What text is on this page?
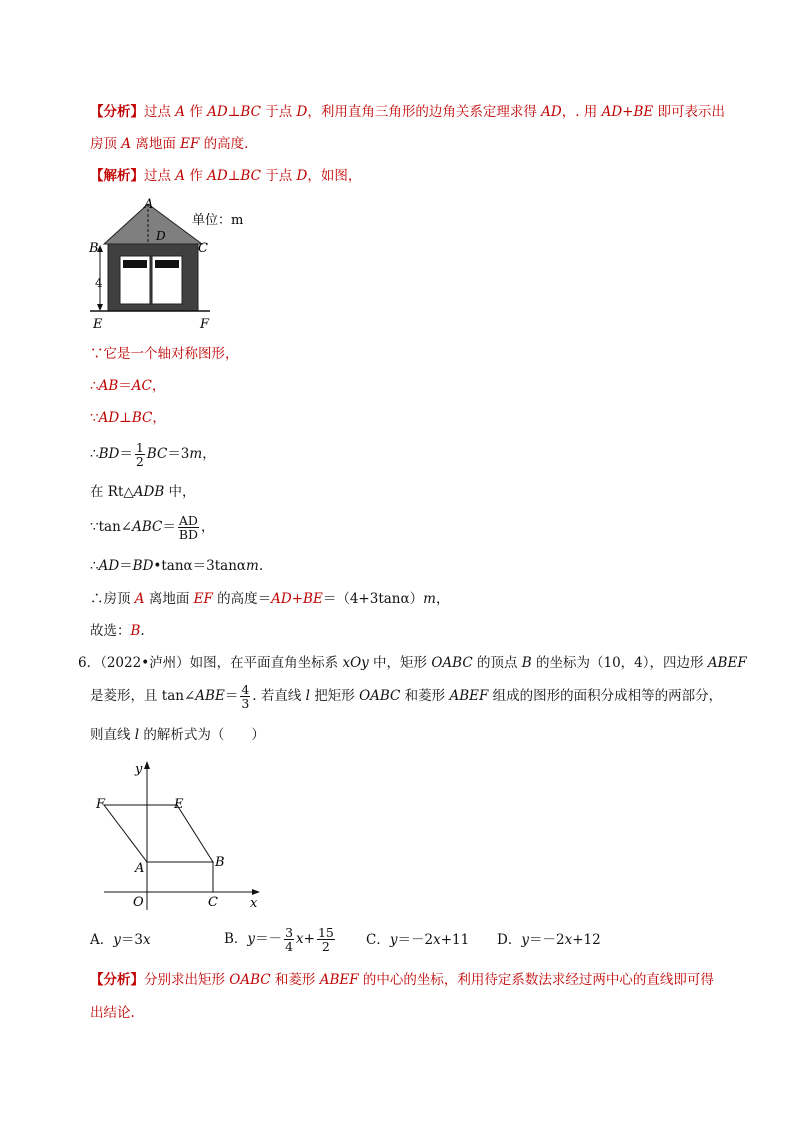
【分析】过点 A 作 AD⊥BC 于点 D，利用直角三角形的边角关系定理求得 AD，. 用 AD+BE 即可表示出
房顶 A 离地面 EF 的高度.
【解析】过点 A 作 AD⊥BC 于点 D，如图，
A
D
B	C
4
E	F
单位：m
∵它是一个轴对称图形，
∴AB＝AC，
∵AD⊥BC，
∴BD＝ $\frac{1}{2} BC=3m$，
在 Rt△ADB 中，
∵tan∠ABC＝ $\frac{AD}{BD}$ ，
∴AD＝BD•tanα＝3tanαm.
∴房顶 A 离地面 EF 的高度＝AD+BE＝（4+3tanα）m，
故选：B.
6．（2022•泸州）如图，在平面直角坐标系 xOy 中，矩形 OABC 的顶点 B 的坐标为（10，4），四边形 ABEF
是菱形，且 tan∠ABE＝ $\frac{4}{3}$ . 若直线 l 把矩形 OABC 和菱形 ABEF 组成的图形的面积分成相等的两部分，
则直线 l 的解析式为（　　）
y
x
O
A	B
C
E
F
A．y＝3x	B．$y=- \frac{3}{4} x+ \frac{15}{2}$ C．y＝－2x+11 D．y＝－2x+12
【分析】分别求出矩形 OABC 和菱形 ABEF 的中心的坐标，利用待定系数法求经过两中心的直线即可得
出结论.
